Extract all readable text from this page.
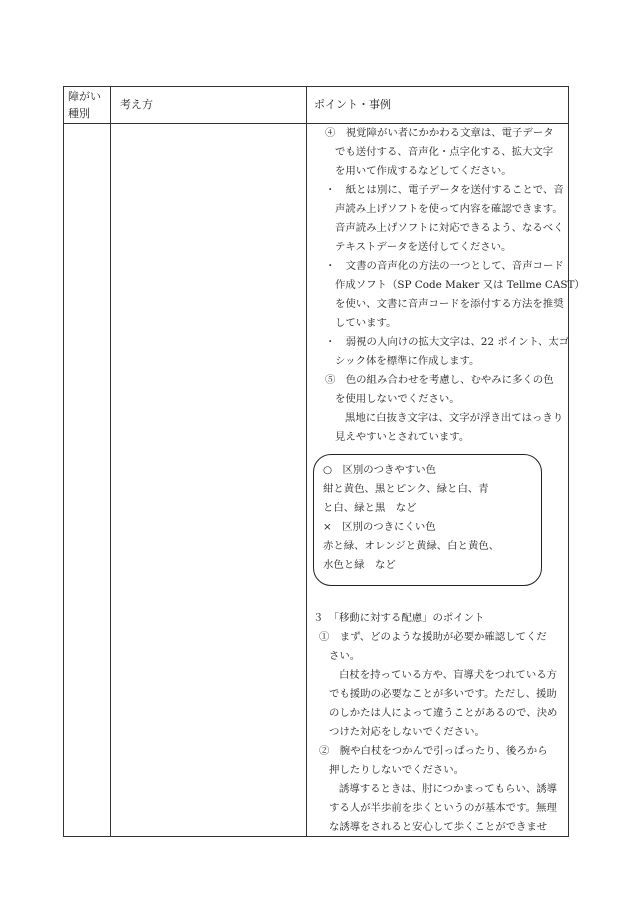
障がい種別
考え方	ポイント・事例
④　視覚障がい者にかかわる文章は、電子データ
でも送付する、音声化・点字化する、拡大文字
を用いて作成するなどしてください。
・　紙とは別に、電子データを送付することで、音
声読み上げソフトを使って内容を確認できます。
音声読み上げソフトに対応できるよう、なるべく
テキストデータを送付してください。
・　文書の音声化の方法の一つとして、音声コード
作成ソフト（SP Code Maker 又は Tellme CAST）
を使い、文書に音声コードを添付する方法を推奨
しています。
・　弱視の人向けの拡大文字は、22 ポイント、太ゴ
シック体を標準に作成します。
⑤　色の組み合わせを考慮し、むやみに多くの色
を使用しないでください。
黒地に白抜き文字は、文字が浮き出てはっきり
見えやすいとされています。
○　区別のつきやすい色
紺と黄色、黒とピンク、緑と白、青
と白、緑と黒　など
×　区別のつきにくい色
赤と緑、オレンジと黄緑、白と黄色、
水色と緑　など
３　「移動に対する配慮」のポイント
①　まず、どのような援助が必要か確認してくだ
さい。
白杖を持っている方や、盲導犬をつれている方
でも援助の必要なことが多いです。ただし、援助
のしかたは人によって違うことがあるので、決め
つけた対応をしないでください。
②　腕や白杖をつかんで引っぱったり、後ろから
押したりしないでください。
誘導するときは、肘につかまってもらい、誘導
する人が半歩前を歩くというのが基本です。無理
な誘導をされると安心して歩くことができませ
